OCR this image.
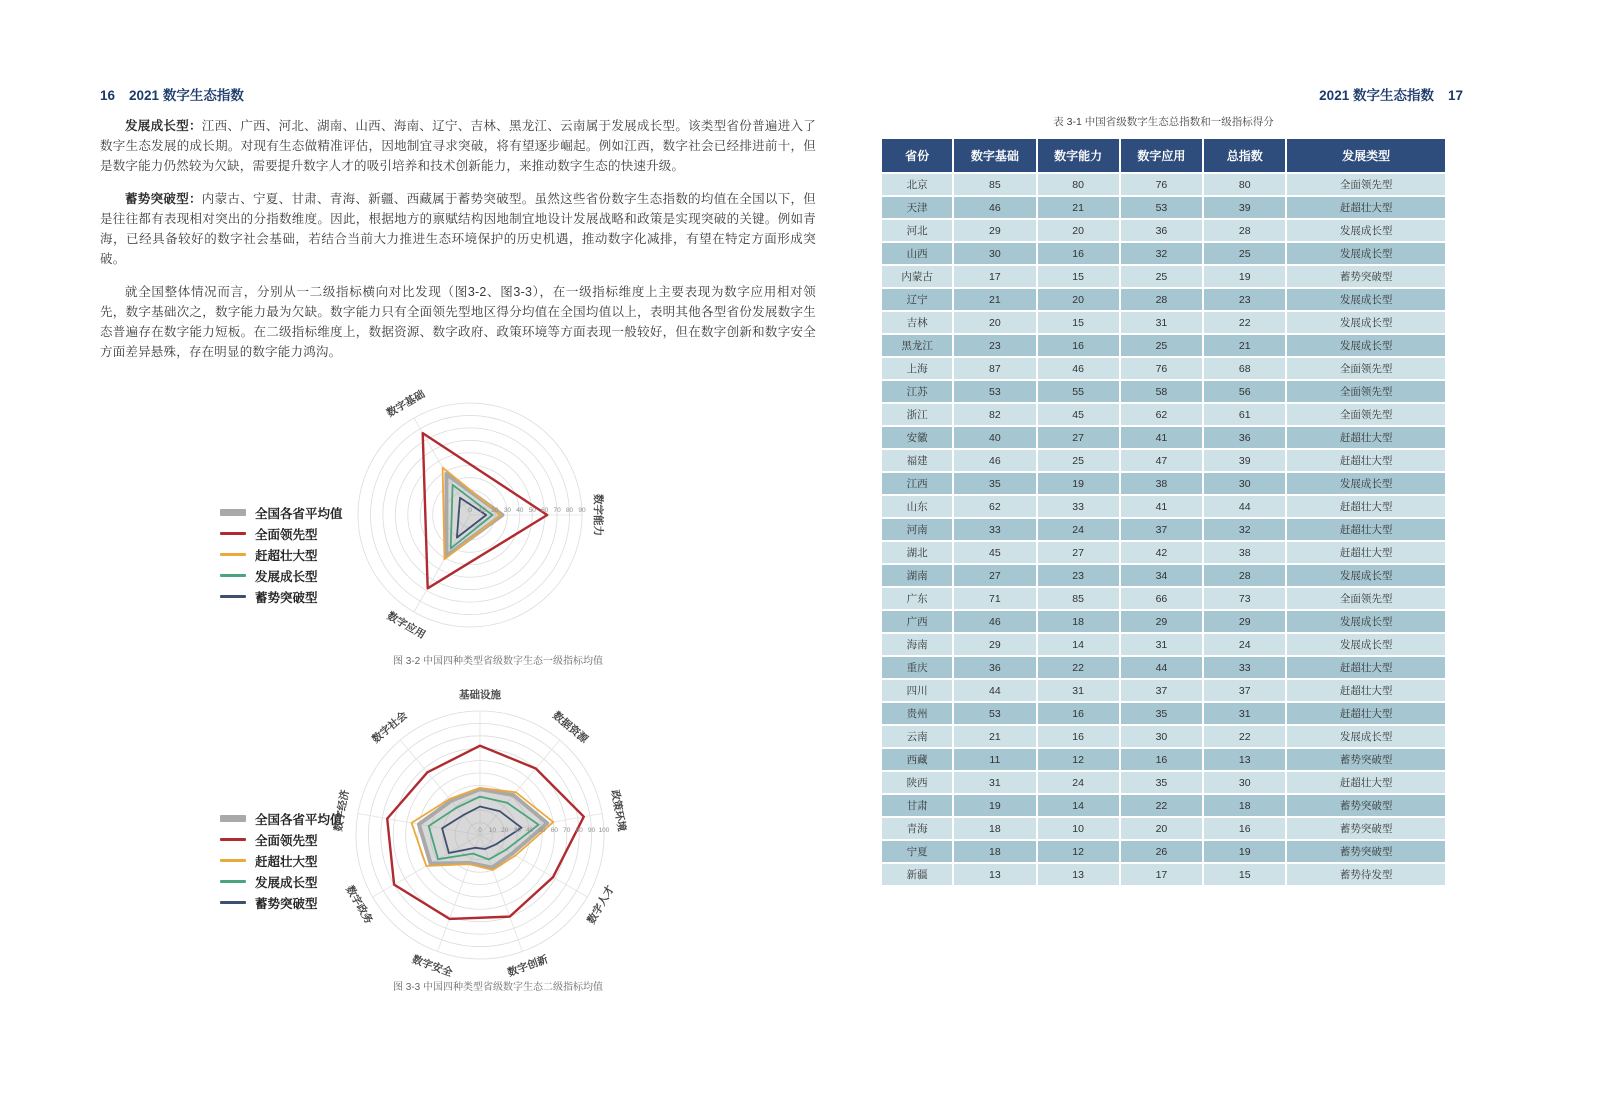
16 2021 数字生态指数	2021 数字生态指数 17

发展成长型：江西、广西、河北、湖南、山西、海南、辽宁、吉林、黑龙江、云南属于发展成长型。该类型省份普遍进入了数字生态发展的成长期。对现有生态做精准评估，因地制宜寻求突破，将有望逐步崛起。例如江西，数字社会已经排进前十，但是数字能力仍然较为欠缺，需要提升数字人才的吸引培养和技术创新能力，来推动数字生态的快速升级。

蓄势突破型：内蒙古、宁夏、甘肃、青海、新疆、西藏属于蓄势突破型。虽然这些省份数字生态指数的均值在全国以下，但是往往都有表现相对突出的分指数维度。因此，根据地方的禀赋结构因地制宜地设计发展战略和政策是实现突破的关键。例如青海，已经具备较好的数字社会基础，若结合当前大力推进生态环境保护的历史机遇，推动数字化减排，有望在特定方面形成突破。

就全国整体情况而言，分别从一二级指标横向对比发现（图3-2、图3-3），在一级指标维度上主要表现为数字应用相对领先，数字基础次之，数字能力最为欠缺。数字能力只有全面领先型地区得分均值在全国均值以上，表明其他各型省份发展数字生态普遍存在数字能力短板。在二级指标维度上，数据资源、数字政府、政策环境等方面表现一般较好，但在数字创新和数字安全方面差异悬殊，存在明显的数字能力鸿沟。

全国各省平均值
全面领先型
赶超壮大型
发展成长型
蓄势突破型
数字基础
数字能力
数字应用
0 10 20 30 40 50 60 70 80 90
图 3-2 中国四种类型省级数字生态一级指标均值
全国各省平均值
全面领先型
赶超壮大型
发展成长型
蓄势突破型
基础设施
数据资源
政策环境
数字人才
数字创新
数字安全
数字政务
数字经济
数字社会
0 10 20 30 40 50 60 70 80 90 100
图 3-3 中国四种类型省级数字生态二级指标均值
表 3-1 中国省级数字生态总指数和一级指标得分
省份	数字基础	数字能力	数字应用	总指数	发展类型
北京	85	80	76	80	全面领先型
天津	46	21	53	39	赶超壮大型
河北	29	20	36	28	发展成长型
山西	30	16	32	25	发展成长型
内蒙古	17	15	25	19	蓄势突破型
辽宁	21	20	28	23	发展成长型
吉林	20	15	31	22	发展成长型
黑龙江	23	16	25	21	发展成长型
上海	87	46	76	68	全面领先型
江苏	53	55	58	56	全面领先型
浙江	82	45	62	61	全面领先型
安徽	40	27	41	36	赶超壮大型
福建	46	25	47	39	赶超壮大型
江西	35	19	38	30	发展成长型
山东	62	33	41	44	赶超壮大型
河南	33	24	37	32	赶超壮大型
湖北	45	27	42	38	赶超壮大型
湖南	27	23	34	28	发展成长型
广东	71	85	66	73	全面领先型
广西	46	18	29	29	发展成长型
海南	29	14	31	24	发展成长型
重庆	36	22	44	33	赶超壮大型
四川	44	31	37	37	赶超壮大型
贵州	53	16	35	31	赶超壮大型
云南	21	16	30	22	发展成长型
西藏	11	12	16	13	蓄势突破型
陕西	31	24	35	30	赶超壮大型
甘肃	19	14	22	18	蓄势突破型
青海	18	10	20	16	蓄势突破型
宁夏	18	12	26	19	蓄势突破型
新疆	13	13	17	15	蓄势待发型
